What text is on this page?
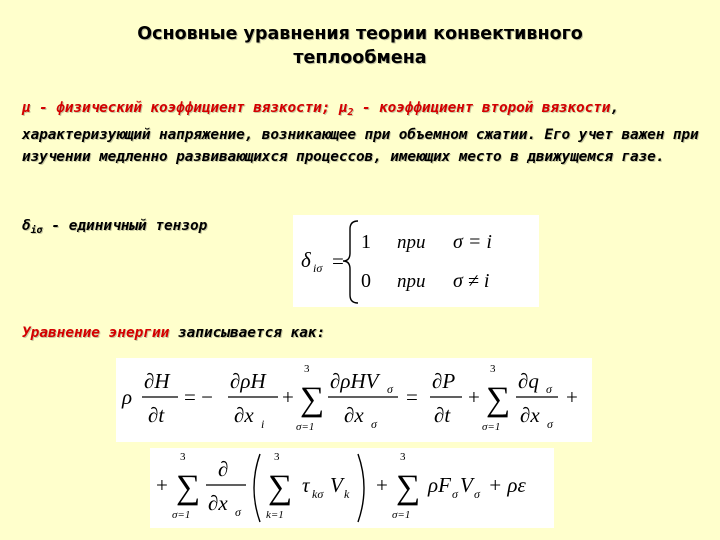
Основные уравнения теории конвективного
теплообмена
μ - физический коэффициент вязкости; $\mu_2$ - коэффициент второй вязкости, характеризующий напряжение, возникающее при объемном сжатии. Его учет важен при изучении медленно развивающихся процессов, имеющих место в движущемся газе.
$\delta_{i\sigma}$ - единичный тензор
δ iσ =
1 при σ = i
0 при σ ≠ i
Уравнение энергии записывается как:
ρ
∂H
∂t
= −
∂ρH
∂x i
+
3
∑
σ=1
∂ρHV σ
∂x σ
=
∂P
∂t
+
3
∑
σ=1
∂q σ
∂x σ
+
+
3
∑
σ=1
∂
∂x σ
3
∑
k=1
τ kσ V k +
3
∑
σ=1
ρF σ V σ + ρε
